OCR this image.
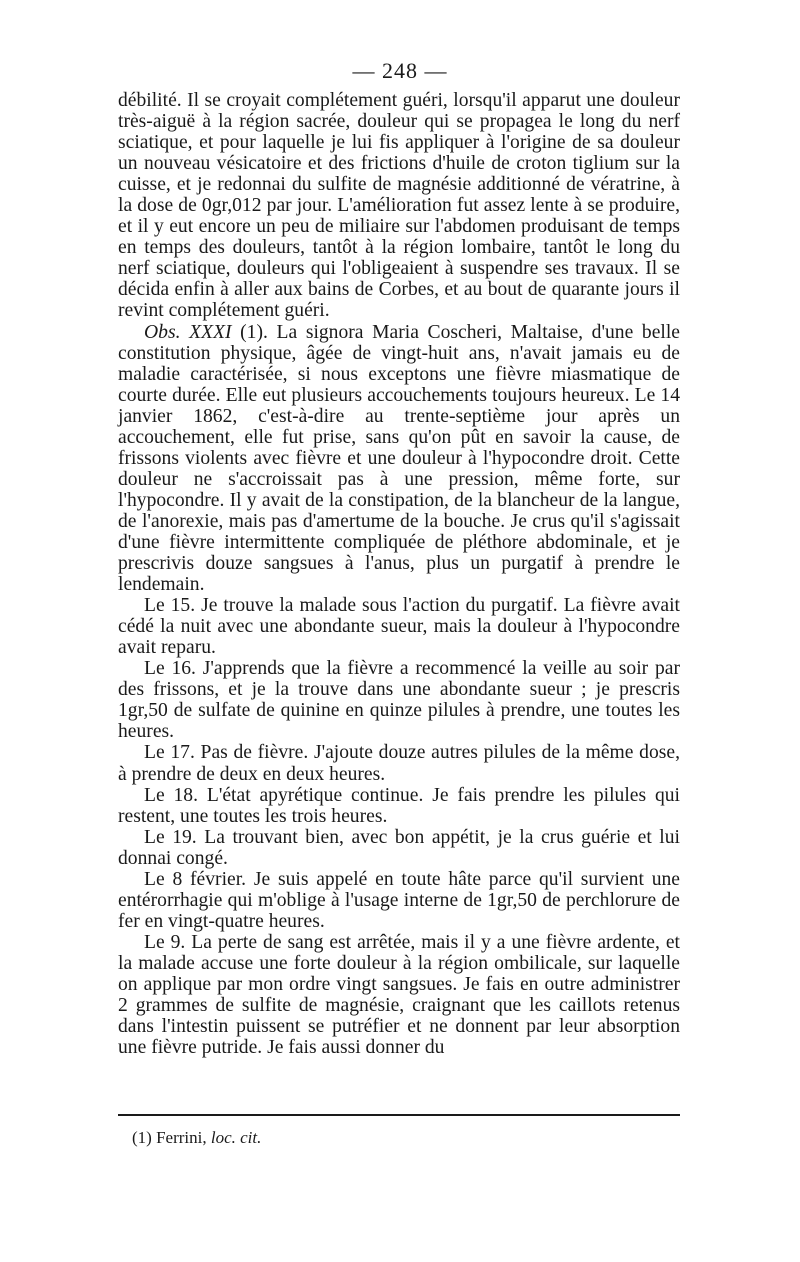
— 248 —

débilité. Il se croyait complétement guéri, lorsqu'il apparut une douleur très-aiguë à la région sacrée, douleur qui se propagea le long du nerf sciatique, et pour laquelle je lui fis appliquer à l'origine de sa douleur un nouveau vésicatoire et des frictions d'huile de croton tiglium sur la cuisse, et je redonnai du sulfite de magnésie additionné de vératrine, à la dose de 0gr,012 par jour. L'amélioration fut assez lente à se produire, et il y eut encore un peu de miliaire sur l'abdomen produisant de temps en temps des douleurs, tantôt à la région lombaire, tantôt le long du nerf sciatique, douleurs qui l'obligeaient à suspendre ses travaux. Il se décida enfin à aller aux bains de Corbes, et au bout de quarante jours il revint complétement guéri.

Obs. XXXI (1). La signora Maria Coscheri, Maltaise, d'une belle constitution physique, âgée de vingt-huit ans, n'avait jamais eu de maladie caractérisée, si nous exceptons une fièvre miasmatique de courte durée. Elle eut plusieurs accouchements toujours heureux. Le 14 janvier 1862, c'est-à-dire au trente-septième jour après un accouchement, elle fut prise, sans qu'on pût en savoir la cause, de frissons violents avec fièvre et une douleur à l'hypocondre droit. Cette douleur ne s'accroissait pas à une pression, même forte, sur l'hypocondre. Il y avait de la constipation, de la blancheur de la langue, de l'anorexie, mais pas d'amertume de la bouche. Je crus qu'il s'agissait d'une fièvre intermittente compliquée de pléthore abdominale, et je prescrivis douze sangsues à l'anus, plus un purgatif à prendre le lendemain.

Le 15. Je trouve la malade sous l'action du purgatif. La fièvre avait cédé la nuit avec une abondante sueur, mais la douleur à l'hypocondre avait reparu.

Le 16. J'apprends que la fièvre a recommencé la veille au soir par des frissons, et je la trouve dans une abondante sueur ; je prescris 1gr,50 de sulfate de quinine en quinze pilules à prendre, une toutes les heures.

Le 17. Pas de fièvre. J'ajoute douze autres pilules de la même dose, à prendre de deux en deux heures.

Le 18. L'état apyrétique continue. Je fais prendre les pilules qui restent, une toutes les trois heures.

Le 19. La trouvant bien, avec bon appétit, je la crus guérie et lui donnai congé.

Le 8 février. Je suis appelé en toute hâte parce qu'il survient une entérorrhagie qui m'oblige à l'usage interne de 1gr,50 de perchlorure de fer en vingt-quatre heures.

Le 9. La perte de sang est arrêtée, mais il y a une fièvre ardente, et la malade accuse une forte douleur à la région ombilicale, sur laquelle on applique par mon ordre vingt sangsues. Je fais en outre administrer 2 grammes de sulfite de magnésie, craignant que les caillots retenus dans l'intestin puissent se putréfier et ne donnent par leur absorption une fièvre putride. Je fais aussi donner du

(1) Ferrini, loc. cit.
